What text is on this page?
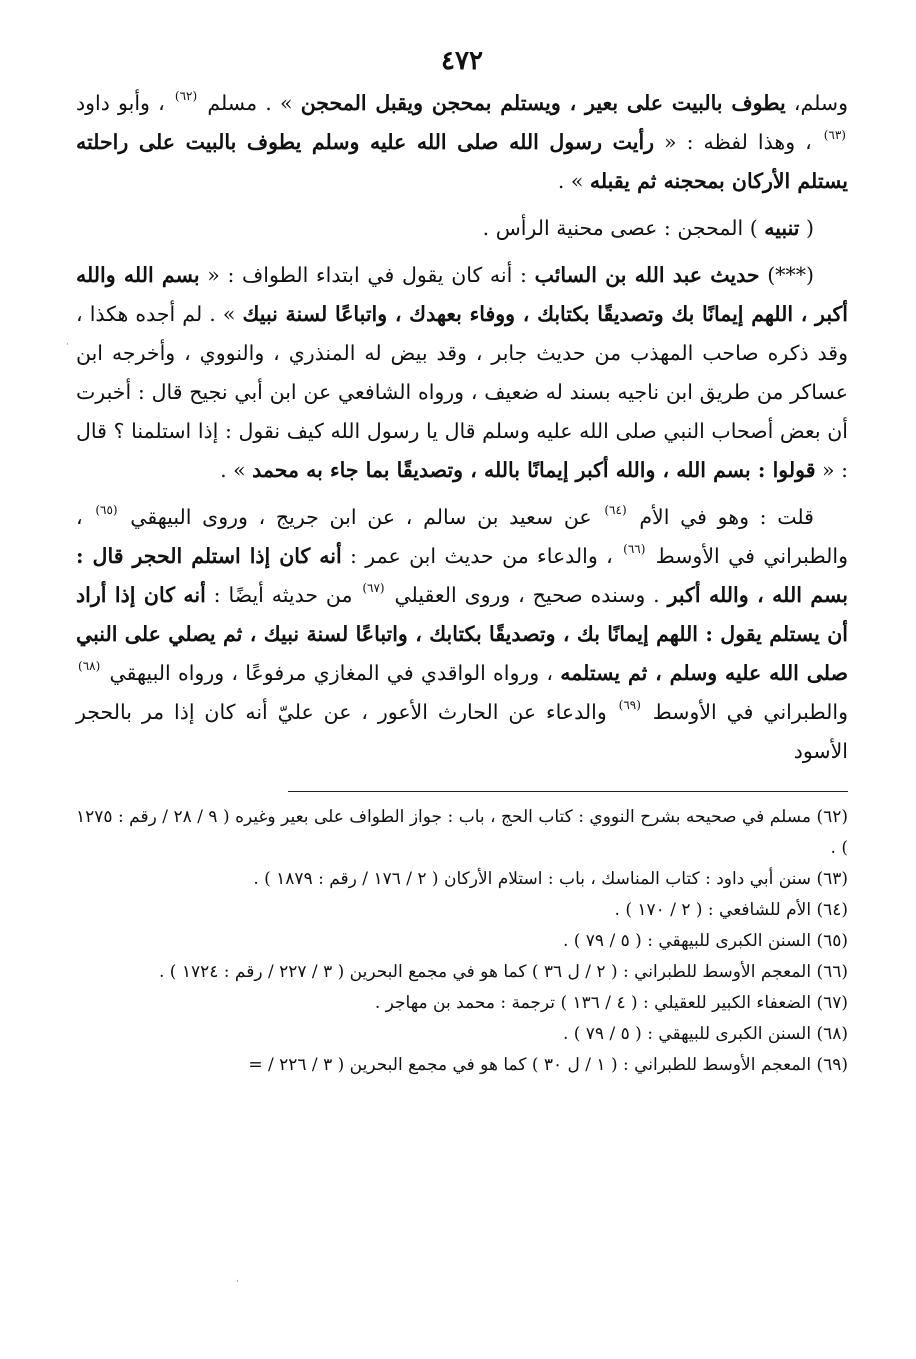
٤٧٢

وسلم، يطوف بالبيت على بعير ، ويستلم بمحجن ويقبل المحجن » . مسلم $^{(٦٢)}$ ، وأبو داود $^{(٦٣)}$ ، وهذا لفظه : « رأيت رسول الله صلى الله عليه وسلم يطوف بالبيت على راحلته يستلم الأركان بمحجنه ثم يقبله » .

( تنبيه ) المحجن : عصى محنية الرأس .

(***) حديث عبد الله بن السائب : أنه كان يقول في ابتداء الطواف : « بسم الله والله أكبر ، اللهم إيمانًا بك وتصديقًا بكتابك ، ووفاء بعهدك ، واتباعًا لسنة نبيك » . لم أجده هكذا ، وقد ذكره صاحب المهذب من حديث جابر ، وقد بيض له المنذري ، والنووي ، وأخرجه ابن عساكر من طريق ابن ناجيه بسند له ضعيف ، ورواه الشافعي عن ابن أبي نجيح قال : أخبرت أن بعض أصحاب النبي صلى الله عليه وسلم قال يا رسول الله كيف نقول : إذا استلمنا ؟ قال : « قولوا : بسم الله ، والله أكبر إيمانًا بالله ، وتصديقًا بما جاء به محمد » .

قلت : وهو في الأم $^{(٦٤)}$ عن سعيد بن سالم ، عن ابن جريج ، وروى البيهقي $^{(٦٥)}$ ، والطبراني في الأوسط $^{(٦٦)}$ ، والدعاء من حديث ابن عمر : أنه كان إذا استلم الحجر قال : بسم الله ، والله أكبر . وسنده صحيح ، وروى العقيلي $^{(٦٧)}$ من حديثه أيضًا : أنه كان إذا أراد أن يستلم يقول : اللهم إيمانًا بك ، وتصديقًا بكتابك ، واتباعًا لسنة نبيك ، ثم يصلي على النبي صلى الله عليه وسلم ، ثم يستلمه ، ورواه الواقدي في المغازي مرفوعًا ، ورواه البيهقي $^{(٦٨)}$ والطبراني في الأوسط $^{(٦٩)}$ والدعاء عن الحارث الأعور ، عن عليّ أنه كان إذا مر بالحجر الأسود

(٦٢) مسلم في صحيحه بشرح النووي : كتاب الحج ، باب : جواز الطواف على بعير وغيره ( ٩ / ٢٨ / رقم : ١٢٧٥ ) .

(٦٣) سنن أبي داود : كتاب المناسك ، باب : استلام الأركان ( ٢ / ١٧٦ / رقم : ١٨٧٩ ) .

(٦٤) الأم للشافعي : ( ٢ / ١٧٠ ) .

(٦٥) السنن الكبرى للبيهقي : ( ٥ / ٧٩ ) .

(٦٦) المعجم الأوسط للطبراني : ( ٢ / ل ٣٦ ) كما هو في مجمع البحرين ( ٣ / ٢٢٧ / رقم : ١٧٢٤ ) .

(٦٧) الضعفاء الكبير للعقيلي : ( ٤ / ١٣٦ ) ترجمة : محمد بن مهاجر .

(٦٨) السنن الكبرى للبيهقي : ( ٥ / ٧٩ ) .

(٦٩) المعجم الأوسط للطبراني : ( ١ / ل ٣٠ ) كما هو في مجمع البحرين ( ٣ / ٢٢٦ / =

·
ˈ
